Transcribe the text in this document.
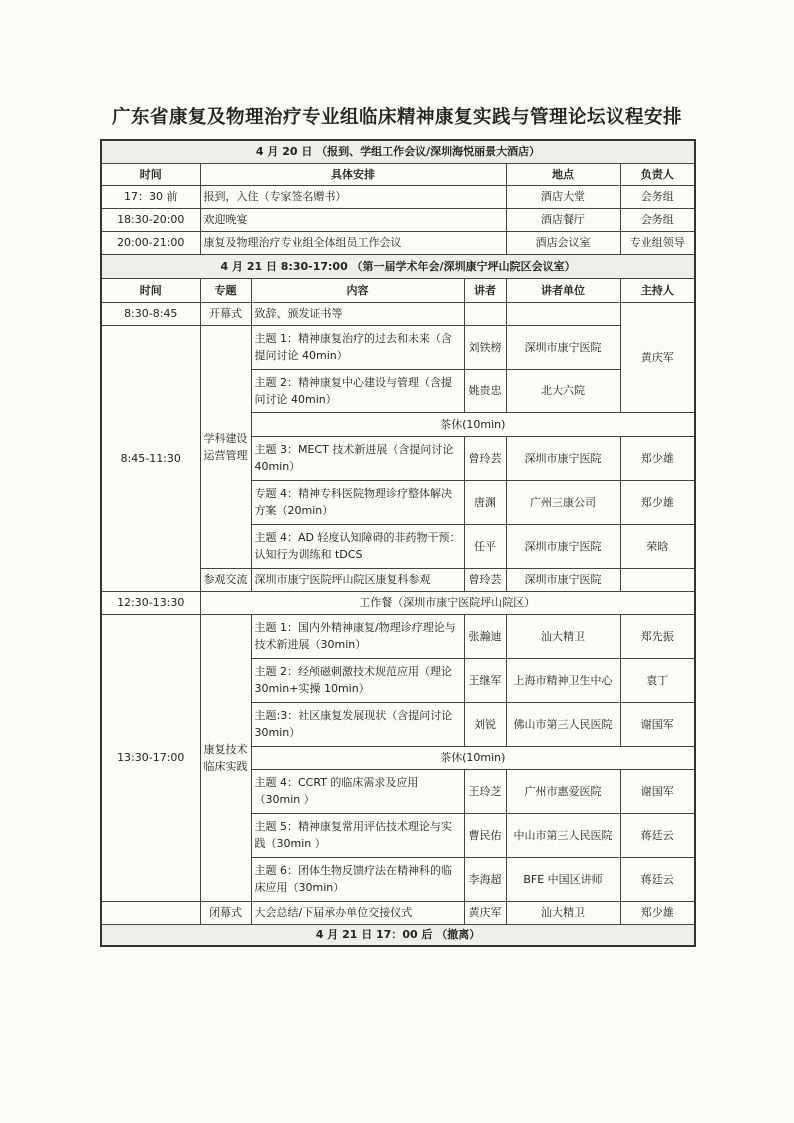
广东省康复及物理治疗专业组临床精神康复实践与管理论坛议程安排
4 月 20 日 （报到、学组工作会议/深圳海悦丽景大酒店）					
时间	具体安排			地点	负责人
17：30 前	报到，入住（专家签名赠书）			酒店大堂	会务组
18:30-20:00	欢迎晚宴			酒店餐厅	会务组
20:00-21:00	康复及物理治疗专业组全体组员工作会议			酒店会议室	专业组领导
4 月 21 日 8:30-17:00 （第一届学术年会/深圳康宁坪山院区会议室）					
时间	专题	内容	讲者	讲者单位	主持人
8:30-8:45	开幕式	致辞、颁发证书等			黄庆军
8:45-11:30	学科建设运营管理	主题 1：精神康复治疗的过去和未来（含提问讨论 40min）	刘铁榜	深圳市康宁医院	
		主题 2：精神康复中心建设与管理（含提问讨论 40min）	姚贵忠	北大六院	
		茶休(10min)			
		主题 3：MECT 技术新进展（含提问讨论 40min）	曾玲芸	深圳市康宁医院	郑少雄
		专题 4：精神专科医院物理诊疗整体解决方案（20min）	唐渊	广州三康公司	郑少雄
		主题 4：AD 轻度认知障碍的非药物干预：认知行为训练和 tDCS	任平	深圳市康宁医院	荣晗
	参观交流	深圳市康宁医院坪山院区康复科参观	曾玲芸	深圳市康宁医院	

12:30-13:30	工作餐（深圳市康宁医院坪山院区）				
13:30-17:00	康复技术临床实践	主题 1：国内外精神康复/物理诊疗理论与技术新进展（30min）	张瀚迪	汕大精卫	郑先振
		主题 2：经颅磁刺激技术规范应用（理论 30min+实操 10min）	王继军	上海市精神卫生中心	袁丁
		主题:3：社区康复发展现状（含提问讨论 30min）	刘锐	佛山市第三人民医院	谢国军
		茶休(10min)			
		主题 4：CCRT 的临床需求及应用（30min ）	王玲芝	广州市惠爱医院	谢国军
		主题 5：精神康复常用评估技术理论与实践（30min ）	曹民佑	中山市第三人民医院	蒋廷云
		主题 6：团体生物反馈疗法在精神科的临床应用（30min）	李海超	BFE 中国区讲师	蒋廷云
	闭幕式	大会总结/下届承办单位交接仪式	黄庆军	汕大精卫	郑少雄
4 月 21 日 17：00 后 （撤离）					
